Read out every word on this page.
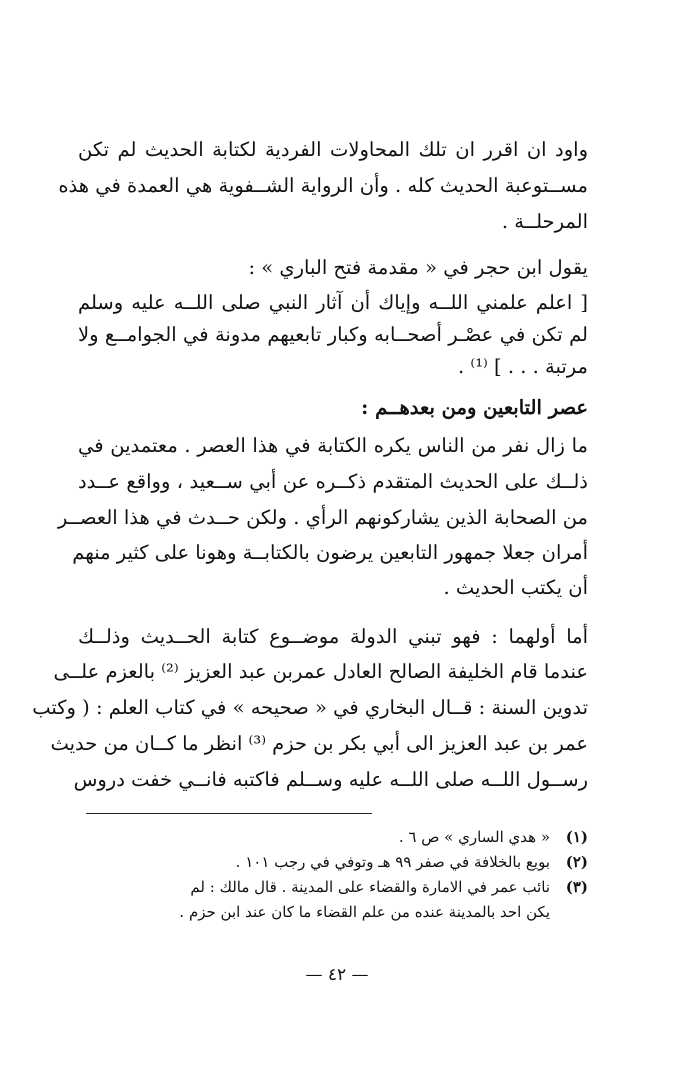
واود ان اقرر ان تلك المحاولات الفردية لكتابة الحديث لم تكن
مســتوعبة الحديث كله . وأن الرواية الشــفوية هي العمدة في هذه
المرحلــة .
يقول ابن حجر في « مقدمة فتح الباري » :
[ اعلم علمني اللــه وإياك أن آثار النبي صلى اللــه عليه وسلم
لم تكن في عصْـر أصحــابه وكبار تابعيهم مدونة في الجوامــع ولا
مرتبة . . . ] ⁽¹⁾ .
عصر التابعين ومن بعدهــم :
ما زال نفر من الناس يكره الكتابة في هذا العصر . معتمدين في
ذلــك على الحديث المتقدم ذكــره عن أبي ســعيد ، وواقع عــدد
من الصحابة الذين يشاركونهم الرأي . ولكن حــدث في هذا العصــر
أمران جعلا جمهور التابعين يرضون بالكتابــة وهونا على كثير منهم
أن يكتب الحديث .
أما أولهما : فهو تبني الدولة موضــوع كتابة الحــديث وذلــك
عندما قام الخليفة الصالح العادل عمربن عبد العزيز ⁽²⁾ بالعزم علــى
تدوين السنة : قــال البخاري في « صحيحه » في كتاب العلم : ( وكتب
عمر بن عبد العزيز الى أبي بكر بن حزم ⁽³⁾ انظر ما كــان من حديث
رســول اللــه صلى اللــه عليه وســلم فاكتبه فانــي خفت دروس
(١)« هدي الساري » ص ٦ .
(٢)بويع بالخلافة في صفر ٩٩ هـ وتوفي في رجب ١٠١ .
(٣)نائب عمر في الامارة والقضاء على المدينة . قال مالك : لم
يكن احد بالمدينة عنده من علم القضاء ما كان عند ابن حزم .
— ٤٢ —
